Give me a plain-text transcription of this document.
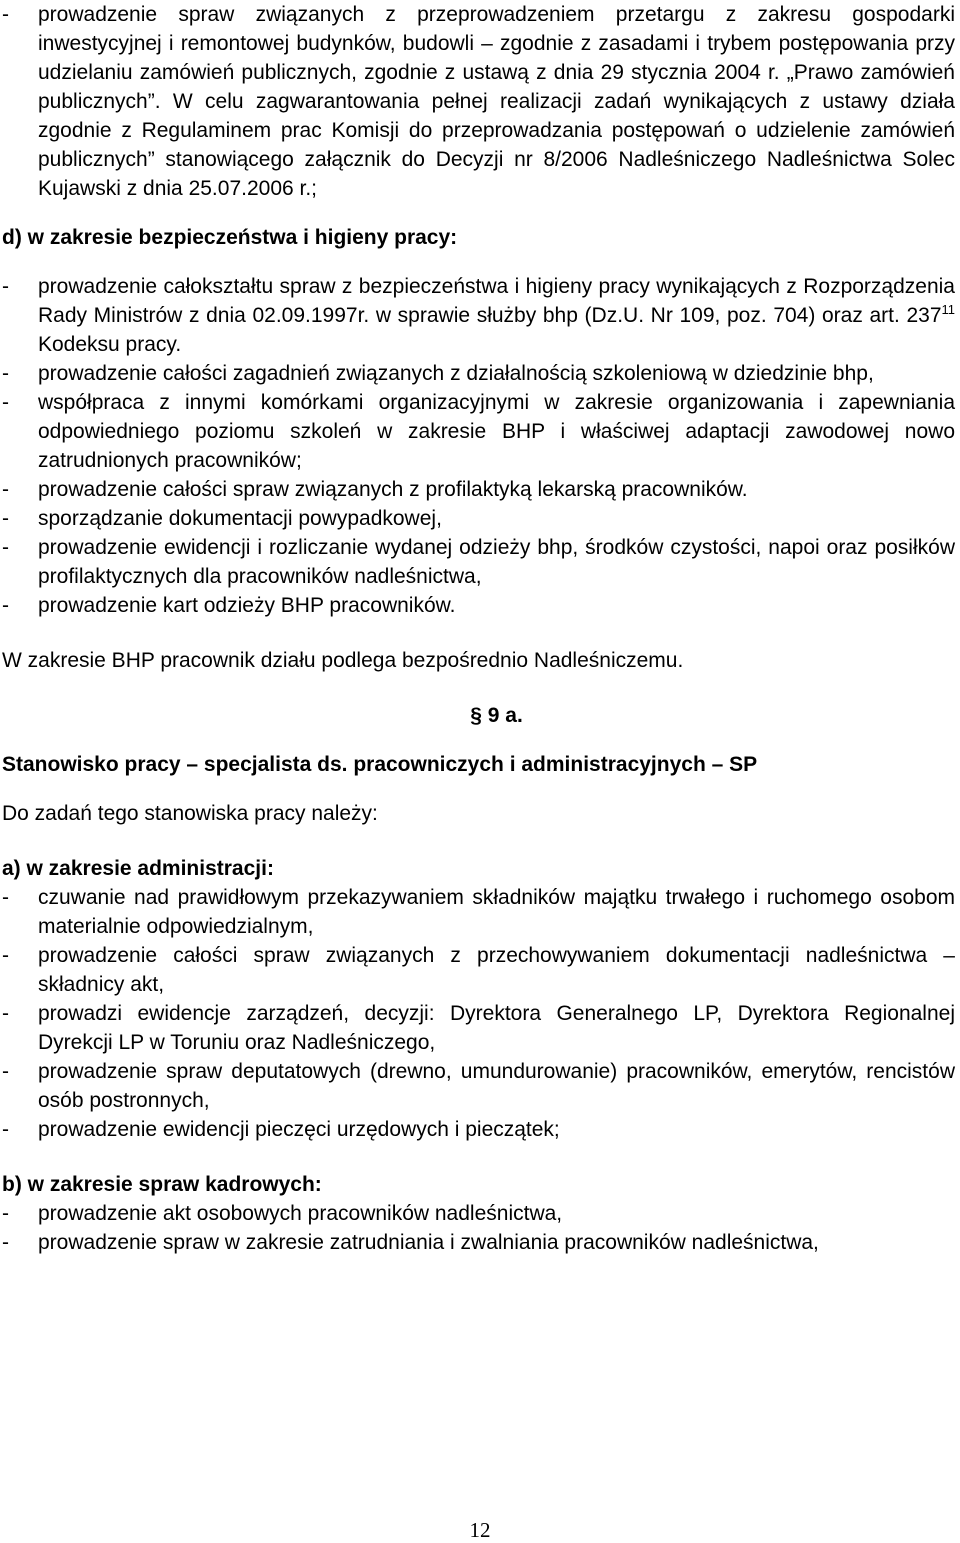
-	prowadzenie spraw związanych z przeprowadzeniem przetargu z zakresu gospodarki inwestycyjnej i remontowej budynków, budowli – zgodnie z zasadami i trybem postępowania przy udzielaniu zamówień publicznych, zgodnie z ustawą z dnia 29 stycznia 2004 r. „Prawo zamówień publicznych”. W celu zagwarantowania pełnej realizacji zadań wynikających z ustawy działa zgodnie z Regulaminem prac Komisji do przeprowadzania postępowań o udzielenie zamówień publicznych” stanowiącego załącznik do Decyzji nr 8/2006 Nadleśniczego Nadleśnictwa Solec Kujawski z dnia 25.07.2006 r.;

d) w zakresie bezpieczeństwa i higieny pracy:

-	prowadzenie całokształtu spraw z bezpieczeństwa i higieny pracy wynikających z Rozporządzenia Rady Ministrów z dnia 02.09.1997r. w sprawie służby bhp (Dz.U. Nr 109, poz. 704) oraz art. $237^{11}$ Kodeksu pracy.
-	prowadzenie całości zagadnień związanych z działalnością szkoleniową w dziedzinie bhp,
-	współpraca z innymi komórkami organizacyjnymi w zakresie organizowania i zapewniania odpowiedniego poziomu szkoleń w zakresie BHP i właściwej adaptacji zawodowej nowo zatrudnionych pracowników;
-	prowadzenie całości spraw związanych z profilaktyką lekarską pracowników.
-	sporządzanie dokumentacji powypadkowej,
-	prowadzenie ewidencji i rozliczanie wydanej odzieży bhp, środków czystości, napoi oraz posiłków profilaktycznych dla pracowników nadleśnictwa,
-	prowadzenie kart odzieży BHP pracowników.

W zakresie BHP pracownik działu podlega bezpośrednio Nadleśniczemu.

§ 9 a.

Stanowisko pracy – specjalista ds. pracowniczych i administracyjnych – SP

Do zadań tego stanowiska pracy należy:

a) w zakresie administracji:

-	czuwanie nad prawidłowym przekazywaniem składników majątku trwałego i ruchomego osobom materialnie odpowiedzialnym,
-	prowadzenie całości spraw związanych z przechowywaniem dokumentacji nadleśnictwa – składnicy akt,
-	prowadzi ewidencje zarządzeń, decyzji: Dyrektora Generalnego LP, Dyrektora Regionalnej Dyrekcji LP w Toruniu oraz Nadleśniczego,
-	prowadzenie spraw deputatowych (drewno, umundurowanie) pracowników, emerytów, rencistów osób postronnych,
-	prowadzenie ewidencji pieczęci urzędowych i pieczątek;

b) w zakresie spraw kadrowych:

-	prowadzenie akt osobowych pracowników nadleśnictwa,
-	prowadzenie spraw w zakresie zatrudniania i zwalniania pracowników nadleśnictwa,
12
